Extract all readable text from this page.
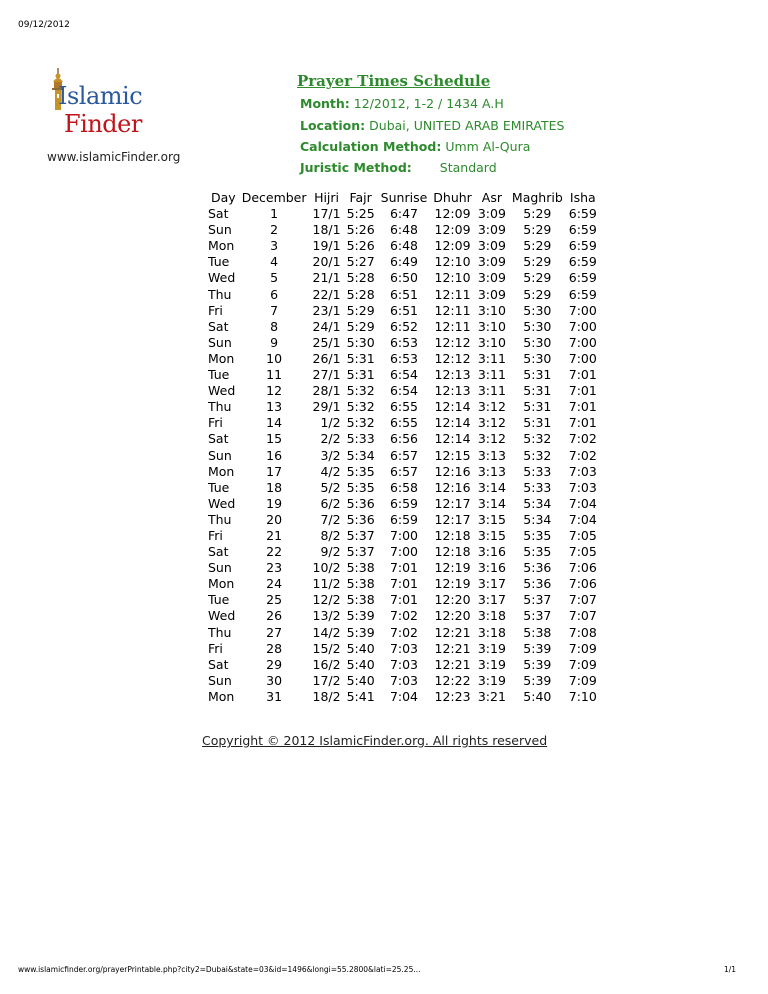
09/12/2012
Islamic
Finder
www.islamicFinder.org
Prayer Times Schedule
Month: 12/2012, 1-2 / 1434 A.H
Location: Dubai, UNITED ARAB EMIRATES
Calculation Method: Umm Al-Qura
Juristic Method: Standard
Day	December	Hijri	Fajr	Sunrise	Dhuhr	Asr	Maghrib	Isha
Sat	1	17/1	5:25	6:47	12:09	3:09	5:29	6:59
Sun	2	18/1	5:26	6:48	12:09	3:09	5:29	6:59
Mon	3	19/1	5:26	6:48	12:09	3:09	5:29	6:59
Tue	4	20/1	5:27	6:49	12:10	3:09	5:29	6:59
Wed	5	21/1	5:28	6:50	12:10	3:09	5:29	6:59
Thu	6	22/1	5:28	6:51	12:11	3:09	5:29	6:59
Fri	7	23/1	5:29	6:51	12:11	3:10	5:30	7:00
Sat	8	24/1	5:29	6:52	12:11	3:10	5:30	7:00
Sun	9	25/1	5:30	6:53	12:12	3:10	5:30	7:00
Mon	10	26/1	5:31	6:53	12:12	3:11	5:30	7:00
Tue	11	27/1	5:31	6:54	12:13	3:11	5:31	7:01
Wed	12	28/1	5:32	6:54	12:13	3:11	5:31	7:01
Thu	13	29/1	5:32	6:55	12:14	3:12	5:31	7:01
Fri	14	1/2	5:32	6:55	12:14	3:12	5:31	7:01
Sat	15	2/2	5:33	6:56	12:14	3:12	5:32	7:02
Sun	16	3/2	5:34	6:57	12:15	3:13	5:32	7:02
Mon	17	4/2	5:35	6:57	12:16	3:13	5:33	7:03
Tue	18	5/2	5:35	6:58	12:16	3:14	5:33	7:03
Wed	19	6/2	5:36	6:59	12:17	3:14	5:34	7:04
Thu	20	7/2	5:36	6:59	12:17	3:15	5:34	7:04
Fri	21	8/2	5:37	7:00	12:18	3:15	5:35	7:05
Sat	22	9/2	5:37	7:00	12:18	3:16	5:35	7:05
Sun	23	10/2	5:38	7:01	12:19	3:16	5:36	7:06
Mon	24	11/2	5:38	7:01	12:19	3:17	5:36	7:06
Tue	25	12/2	5:38	7:01	12:20	3:17	5:37	7:07
Wed	26	13/2	5:39	7:02	12:20	3:18	5:37	7:07
Thu	27	14/2	5:39	7:02	12:21	3:18	5:38	7:08
Fri	28	15/2	5:40	7:03	12:21	3:19	5:39	7:09
Sat	29	16/2	5:40	7:03	12:21	3:19	5:39	7:09
Sun	30	17/2	5:40	7:03	12:22	3:19	5:39	7:09
Mon	31	18/2	5:41	7:04	12:23	3:21	5:40	7:10
Copyright © 2012 IslamicFinder.org. All rights reserved
www.islamicfinder.org/prayerPrintable.php?city2=Dubai&state=03&id=1496&longi=55.2800&lati=25.25...	1/1
